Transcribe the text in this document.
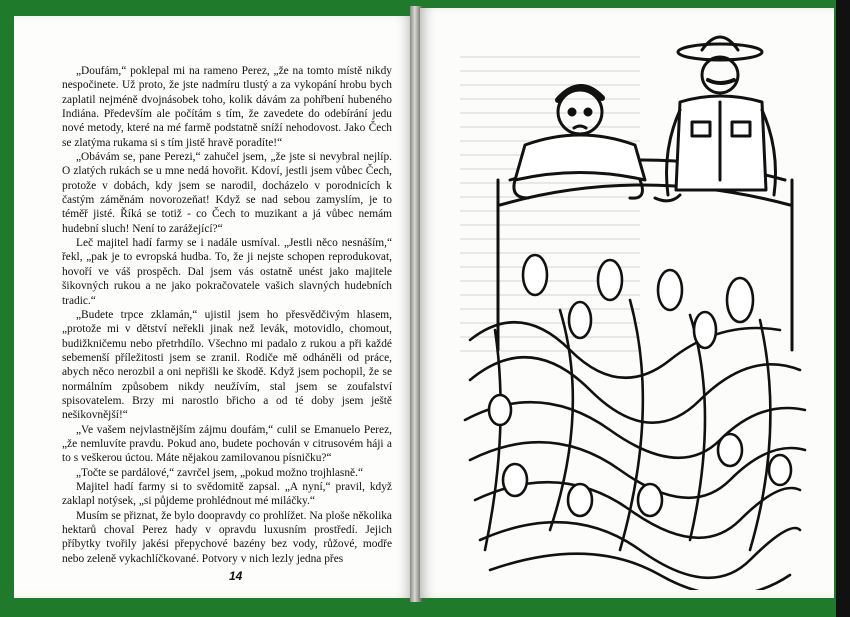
„Doufám,“ poklepal mi na rameno Perez, „že na tomto místě nikdy nespočinete. Už proto, že jste nadmíru tlustý a za vykopání hrobu bych zaplatil nejméně dvojnásobek toho, kolik dávám za pohřbení hubeného Indiána. Především ale počítám s tím, že zavedete do odebírání jedu nové metody, které na mé farmě podstatně sníží nehodovost. Jako Čech se zlatýma rukama si s tím jistě hravě poradíte!“

„Obávám se, pane Perezi,“ zahučel jsem, „že jste si nevybral nejlíp. O zlatých rukách se u mne nedá hovořit. Kdoví, jestli jsem vůbec Čech, protože v dobách, kdy jsem se narodil, docházelo v porodnicích k častým záměnám novorozeňat! Když se nad sebou zamyslím, je to téměř jisté. Říká se totiž - co Čech to muzikant a já vůbec nemám hudební sluch! Není to zarážející?“

Leč majitel hadí farmy se i nadále usmíval. „Jestli něco nesnáším,“ řekl, „pak je to evropská hudba. To, že ji nejste schopen reprodukovat, hovoří ve váš prospěch. Dal jsem vás ostatně unést jako majitele šikovných rukou a ne jako pokračovatele vašich slavných hudebních tradic.“

„Budete trpce zklamán,“ ujistil jsem ho přesvědčivým hlasem, „protože mi v dětství neřekli jinak než levák, motovidlo, chomout, budižkničemu nebo přetrhdílo. Všechno mi padalo z rukou a při každé sebemenší příležitosti jsem se zranil. Rodiče mě odháněli od práce, abych něco nerozbil a oni nepřišli ke škodě. Když jsem pochopil, že se normálním způsobem nikdy neužívím, stal jsem se zoufalství spisovatelem. Brzy mi narostlo břicho a od té doby jsem ještě nešikovnější!“

„Ve vašem nejvlastnějším zájmu doufám,“ culil se Emanuelo Perez, „že nemluvíte pravdu. Pokud ano, budete pochován v citrusovém háji a to s veškerou úctou. Máte nějakou zamilovanou písničku?“

„Točte se pardálové,“ zavrčel jsem, „pokud možno trojhlasně.“

Majitel hadí farmy si to svědomitě zapsal. „A nyní,“ pravil, když zaklapl notýsek, „si půjdeme prohlédnout mé miláčky.“

Musím se přiznat, že bylo doopravdy co prohlížet. Na ploše několika hektarů choval Perez hady v opravdu luxusním prostředí. Jejich příbytky tvořily jakési přepychové bazény bez vody, růžové, modře nebo zeleně vykachlíčkované. Potvory v nich lezly jedna přes

14
